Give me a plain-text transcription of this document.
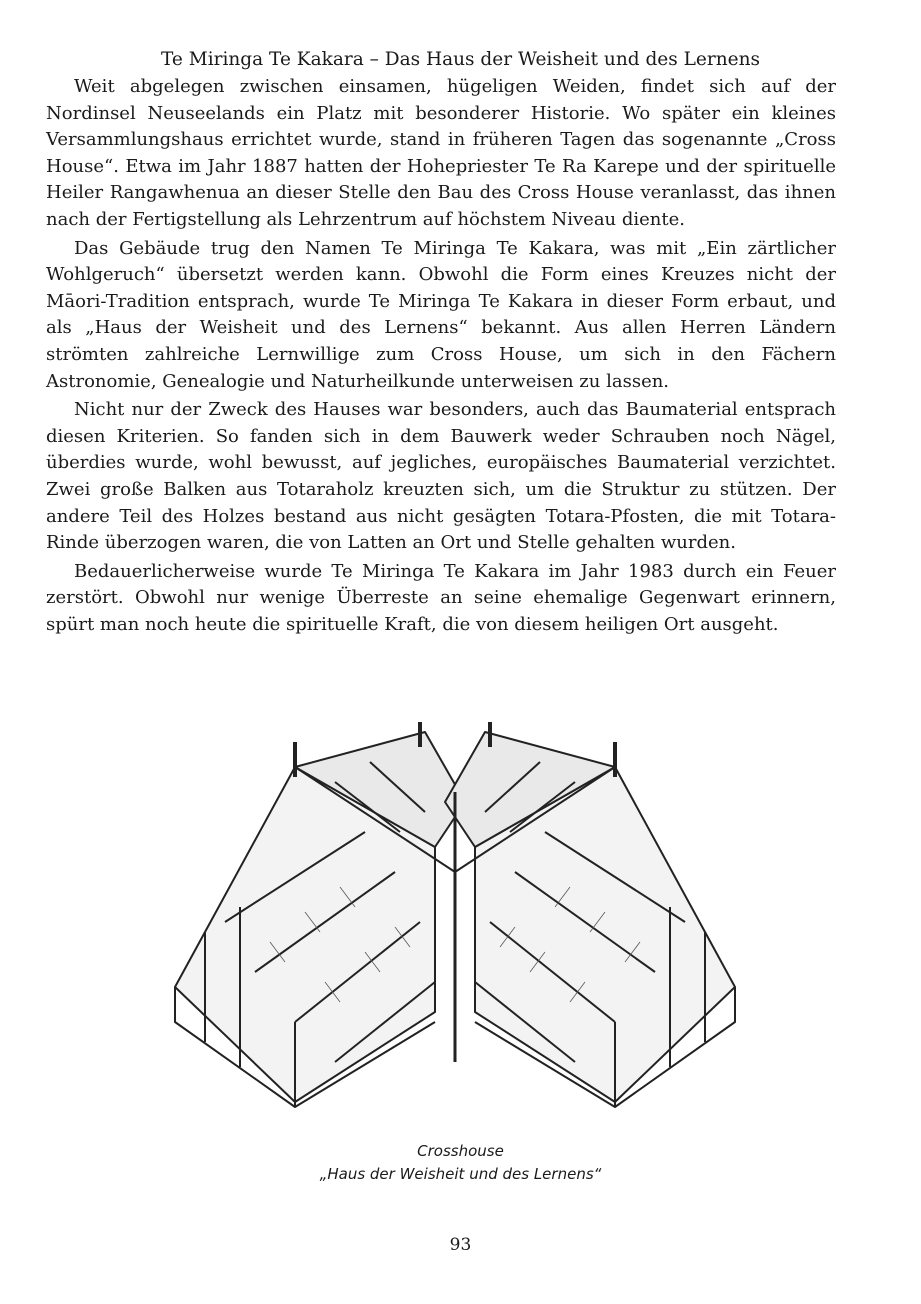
Te Miringa Te Kakara – Das Haus der Weisheit und des Lernens

Weit abgelegen zwischen einsamen, hügeligen Weiden, findet sich auf der Nordinsel Neuseelands ein Platz mit besonderer Historie. Wo später ein kleines Versammlungshaus errichtet wurde, stand in früheren Tagen das sogenannte „Cross House“. Etwa im Jahr 1887 hatten der Hohepriester Te Ra Karepe und der spirituelle Heiler Rangawhenua an dieser Stelle den Bau des Cross House veranlasst, das ihnen nach der Fertigstellung als Lehrzentrum auf höchstem Niveau diente.

Das Gebäude trug den Namen Te Miringa Te Kakara, was mit „Ein zärtlicher Wohlgeruch“ übersetzt werden kann. Obwohl die Form eines Kreuzes nicht der Māori-Tradition entsprach, wurde Te Miringa Te Kakara in dieser Form erbaut, und als „Haus der Weisheit und des Lernens“ bekannt. Aus allen Herren Ländern strömten zahlreiche Lernwillige zum Cross House, um sich in den Fächern Astronomie, Genealogie und Naturheilkunde unterweisen zu lassen.

Nicht nur der Zweck des Hauses war besonders, auch das Baumaterial entsprach diesen Kriterien. So fanden sich in dem Bauwerk weder Schrauben noch Nägel, überdies wurde, wohl bewusst, auf jegliches, europäisches Baumaterial verzichtet. Zwei große Balken aus Totaraholz kreuzten sich, um die Struktur zu stützen. Der andere Teil des Holzes bestand aus nicht gesägten Totara-Pfosten, die mit Totara-Rinde überzogen waren, die von Latten an Ort und Stelle gehalten wurden.

Bedauerlicherweise wurde Te Miringa Te Kakara im Jahr 1983 durch ein Feuer zerstört. Obwohl nur wenige Überreste an seine ehemalige Gegenwart erinnern, spürt man noch heute die spirituelle Kraft, die von diesem heiligen Ort ausgeht.

Crosshouse
„Haus der Weisheit und des Lernens“
93
